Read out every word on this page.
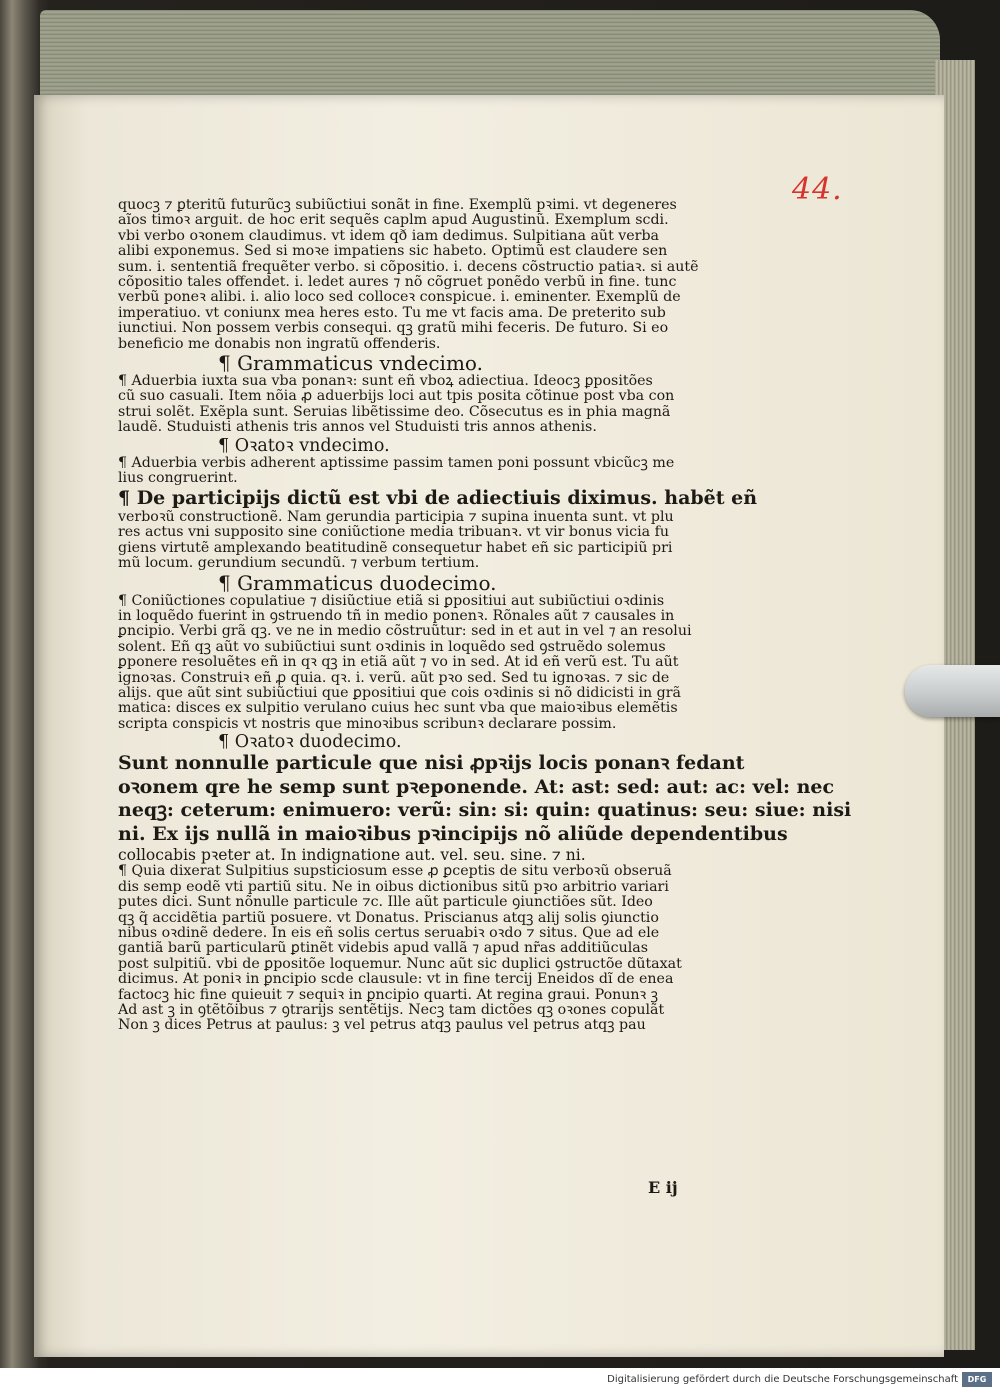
44.
quocꝫ ⁊ ꝑteritũ futurũcꝫ subiũctiui sonãt in fine. Exemplũ pꝛimi. vt degeneres
aĩos timoꝛ arguit. de hoc erit sequẽs caplm apud Augustinũ. Exemplum scdi.
vbi verbo oꝛonem claudimus. vt idem qð iam dedimus. Sulpitiana aũt verba
alibi exponemus. Sed si moꝛe impatiens sic habeto. Optimũ est claudere sen
sum. i. sententiã frequẽter verbo. si cõpositio. i. decens cõstructio patiaꝛ. si autẽ
cõpositio tales offendet. i. ledet aures ⁊ nõ cõgruet ponẽdo verbũ in fine. tunc
verbũ poneꝛ alibi. i. alio loco sed colloceꝛ conspicue. i. eminenter. Exemplũ de
imperatiuo. vt coniunx mea heres esto. Tu me vt facis ama. De preterito sub
iunctiui. Non possem verbis consequi. qꝫ gratũ mihi feceris. De futuro. Si eo
beneficio me donabis non ingratũ offenderis.
¶ Grammaticus vndecimo.
¶ Aduerbia iuxta sua vba ponanꝛ: sunt eñ vboꝝ adiectiua. Ideocꝫ ꝑpositões
cũ suo casuali. Item nõia ꝓ aduerbijs loci aut tpis posita cõtinue post vba con
strui solẽt. Exẽpla sunt. Seruias libẽtissime deo. Cõsecutus es in phia magnã
laudẽ. Studuisti athenis tris annos vel Studuisti tris annos athenis.
¶ Oꝛatoꝛ vndecimo.
¶ Aduerbia verbis adherent aptissime passim tamen poni possunt vbicũcꝫ me
lius congruerint.
¶ De participijs dictũ est vbi de adiectiuis diximus. habẽt eñ
verboꝛũ constructionẽ. Nam gerundia participia ⁊ supina inuenta sunt. vt plu
res actus vni supposito sine coniũctione media tribuanꝛ. vt vir bonus vicia fu
giens virtutẽ amplexando beatitudinẽ consequetur habet eñ sic participiũ pri
mũ locum. gerundium secundũ. ⁊ verbum tertium.
¶ Grammaticus duodecimo.
¶ Coniũctiones copulatiue ⁊ disiũctiue etiã si ꝑpositiui aut subiũctiui oꝛdinis
in loquẽdo fuerint in ꝯstruendo tñ in medio ponenꝛ. Rõnales aũt ⁊ causales in
ꝑncipio. Verbi grã qꝫ. ve ne in medio cõstruũtur: sed in et aut in vel ⁊ an resolui
solent. Eñ qꝫ aũt vo subiũctiui sunt oꝛdinis in loquẽdo sed ꝯstruẽdo solemus
ꝑponere resoluẽtes eñ in qꝛ qꝫ in etiã aũt ⁊ vo in sed. At id eñ verũ est. Tu aũt
ignoꝛas. Construiꝛ eñ ꝓ quia. qꝛ. i. verũ. aũt pꝛo sed. Sed tu ignoꝛas. ⁊ sic de
alijs. que aũt sint subiũctiui que ꝑpositiui que cois oꝛdinis si nõ didicisti in grã
matica: disces ex sulpitio verulano cuius hec sunt vba que maioꝛibus elemẽtis
scripta conspicis vt nostris que minoꝛibus scribunꝛ declarare possim.
¶ Oꝛatoꝛ duodecimo.
Sunt nonnulle particule que nisi ꝓpꝛijs locis ponanꝛ fedant
oꝛonem qre he semp sunt pꝛeponende. At: ast: sed: aut: ac: vel: nec
neqꝫ: ceterum: enimuero: verũ: sin: si: quin: quatinus: seu: siue: nisi
ni. Ex ijs nullã in maioꝛibus pꝛincipijs nõ aliũde dependentibus
collocabis pꝛeter at. In indignatione aut. vel. seu. sine. ⁊ ni.
¶ Quia dixerat Sulpitius supsticiosum esse ꝓ ꝑceptis de situ verboꝛũ obseruã
dis semp eodẽ vti partiũ situ. Ne in oibus dictionibus sitũ pꝛo arbitrio variari
putes dici. Sunt nõnulle particule ⁊c. Ille aũt particule ꝯiunctiões sũt. Ideo
qꝫ q̃ accidẽtia partiũ posuere. vt Donatus. Priscianus atqꝫ alij solis ꝯiunctio
nibus oꝛdinẽ dedere. In eis eñ solis certus seruabiꝛ oꝛdo ⁊ situs. Que ad ele
gantiã barũ particularũ ꝑtinẽt videbis apud vallã ⁊ apud nr̃as additiũculas
post sulpitiũ. vbi de ꝑpositõe loquemur. Nunc aũt sic duplici ꝯstructõe dũtaxat
dicimus. At poniꝛ in ꝑncipio scde clausule: vt in fine tercij Eneidos dĩ de enea
factocꝫ hic fine quieuit ⁊ sequiꝛ in ꝑncipio quarti. At regina graui. Ponunꝛ ꝫ
Ad ast ꝫ in ꝯtẽtõibus ⁊ ꝯtrarijs sentẽtijs. Necꝫ tam dictões qꝫ oꝛones copulãt
Non ꝫ dices Petrus at paulus: ꝫ vel petrus atqꝫ paulus vel petrus atqꝫ pau
E ij
Digitalisierung gefördert durch die Deutsche Forschungsgemeinschaft	DFG
